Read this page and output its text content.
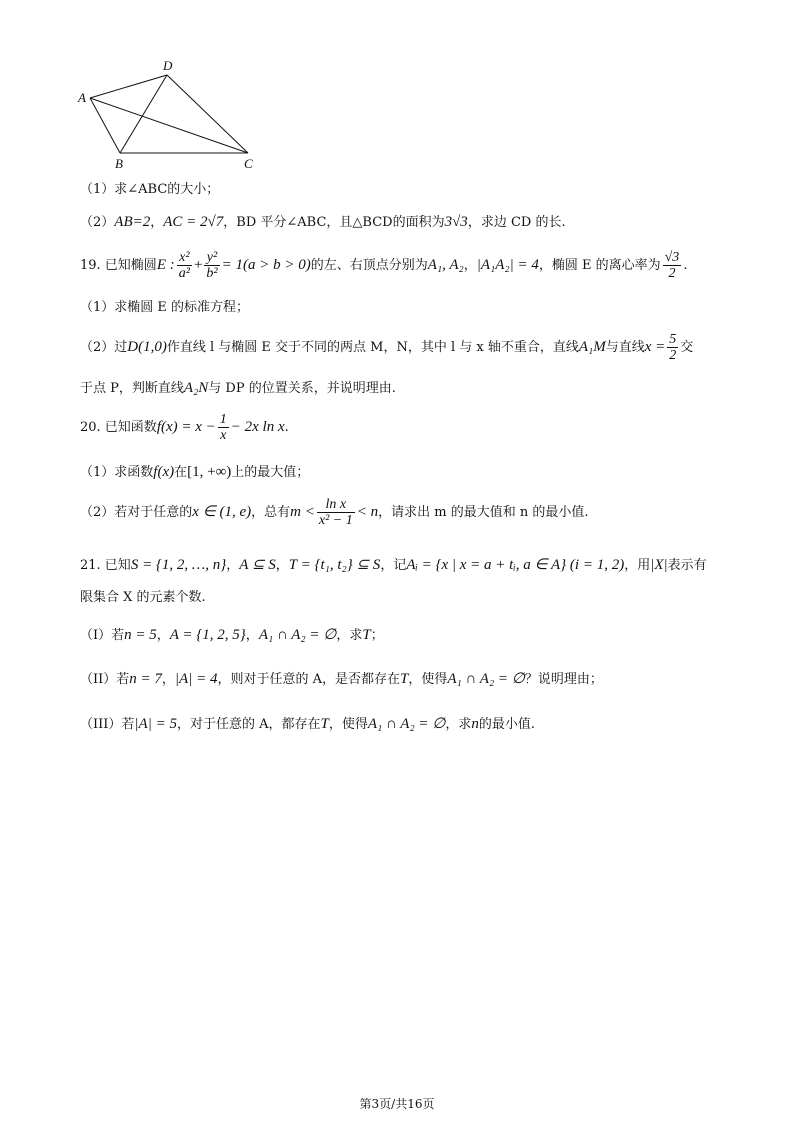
A
D
B	C
（1）求∠ABC的大小；
（2）AB=2，AC = 2√7，BD 平分∠ABC，且△BCD的面积为3√3，求边 CD 的长.
19. 已知椭圆E : $\frac{\text{x²}}{\text{a²}} + \frac{\text{y²}}{\text{b²}} = 1(a > b > 0)$的左、右顶点分别为A₁, A₂，|A₁A₂| = 4，椭圆 E 的离心率为 $\frac{√3}{2}$ .
（1）求椭圆 E 的标准方程；
（2）过D(1,0)作直线 l 与椭圆 E 交于不同的两点 M，N，其中 l 与 x 轴不重合，直线A₁M与直线$x = \frac{5}{2}$ 交
于点 P，判断直线A₂N与 DP 的位置关系，并说明理由.
20. 已知函数$f(x) = x - \frac{1}{x} - 2x$ ln x.
（1）求函数f(x)在[1, +∞)上的最大值；
（2）若对于任意的x ∈ (1, e)，总有$m < \frac{\text{ln x}}{\text{x² − 1}} < n$，请求出 m 的最大值和 n 的最小值.
21. 已知S = {1, 2, …, n}，A ⊆ S，T = {t₁, t₂} ⊆ S，记Aᵢ = {x | x = a + tᵢ, a ∈ A} (i = 1, 2)，用|X|表示有
限集合 X 的元素个数.
（I）若n = 5，A = {1, 2, 5}，A₁ ∩ A₂ = ∅，求T；
（II）若n = 7，|A| = 4，则对于任意的 A，是否都存在T，使得A₁ ∩ A₂ = ∅？说明理由；
（III）若|A| = 5，对于任意的 A，都存在T，使得A₁ ∩ A₂ = ∅，求n的最小值.
第3页/共16页
